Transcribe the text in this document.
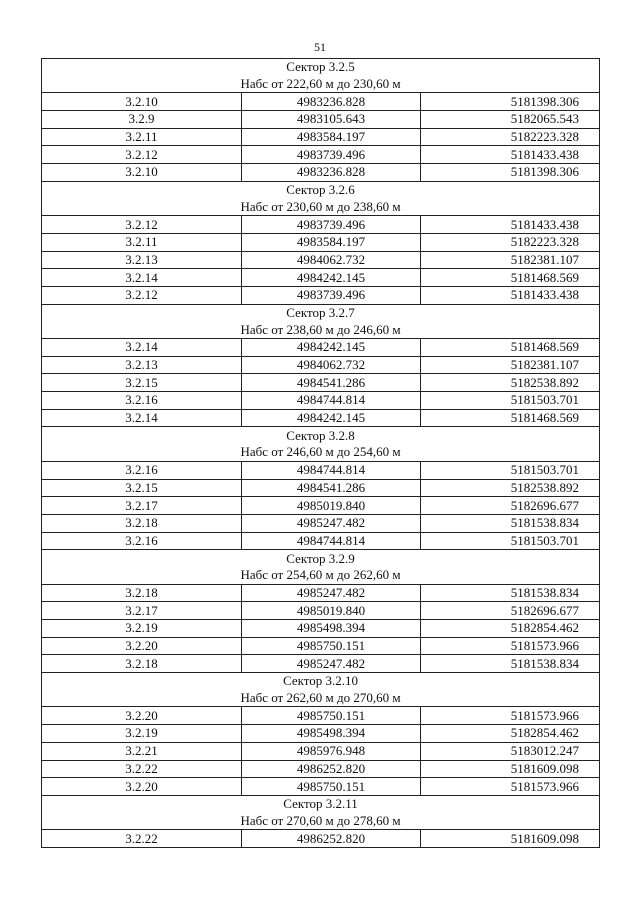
51
Сектор 3.2.5		
Набс от 222,60 м до 230,60 м		
3.2.10	4983236.828	5181398.306
3.2.9	4983105.643	5182065.543
3.2.11	4983584.197	5182223.328
3.2.12	4983739.496	5181433.438
3.2.10	4983236.828	5181398.306
Сектор 3.2.6		
Набс от 230,60 м до 238,60 м		
3.2.12	4983739.496	5181433.438
3.2.11	4983584.197	5182223.328
3.2.13	4984062.732	5182381.107
3.2.14	4984242.145	5181468.569
3.2.12	4983739.496	5181433.438
Сектор 3.2.7		
Набс от 238,60 м до 246,60 м		
3.2.14	4984242.145	5181468.569
3.2.13	4984062.732	5182381.107
3.2.15	4984541.286	5182538.892
3.2.16	4984744.814	5181503.701
3.2.14	4984242.145	5181468.569
Сектор 3.2.8		
Набс от 246,60 м до 254,60 м		
3.2.16	4984744.814	5181503.701
3.2.15	4984541.286	5182538.892
3.2.17	4985019.840	5182696.677
3.2.18	4985247.482	5181538.834
3.2.16	4984744.814	5181503.701
Сектор 3.2.9		
Набс от 254,60 м до 262,60 м		
3.2.18	4985247.482	5181538.834
3.2.17	4985019.840	5182696.677
3.2.19	4985498.394	5182854.462
3.2.20	4985750.151	5181573.966
3.2.18	4985247.482	5181538.834
Сектор 3.2.10		
Набс от 262,60 м до 270,60 м		
3.2.20	4985750.151	5181573.966
3.2.19	4985498.394	5182854.462
3.2.21	4985976.948	5183012.247
3.2.22	4986252.820	5181609.098
3.2.20	4985750.151	5181573.966
Сектор 3.2.11		
Набс от 270,60 м до 278,60 м		
3.2.22	4986252.820	5181609.098
